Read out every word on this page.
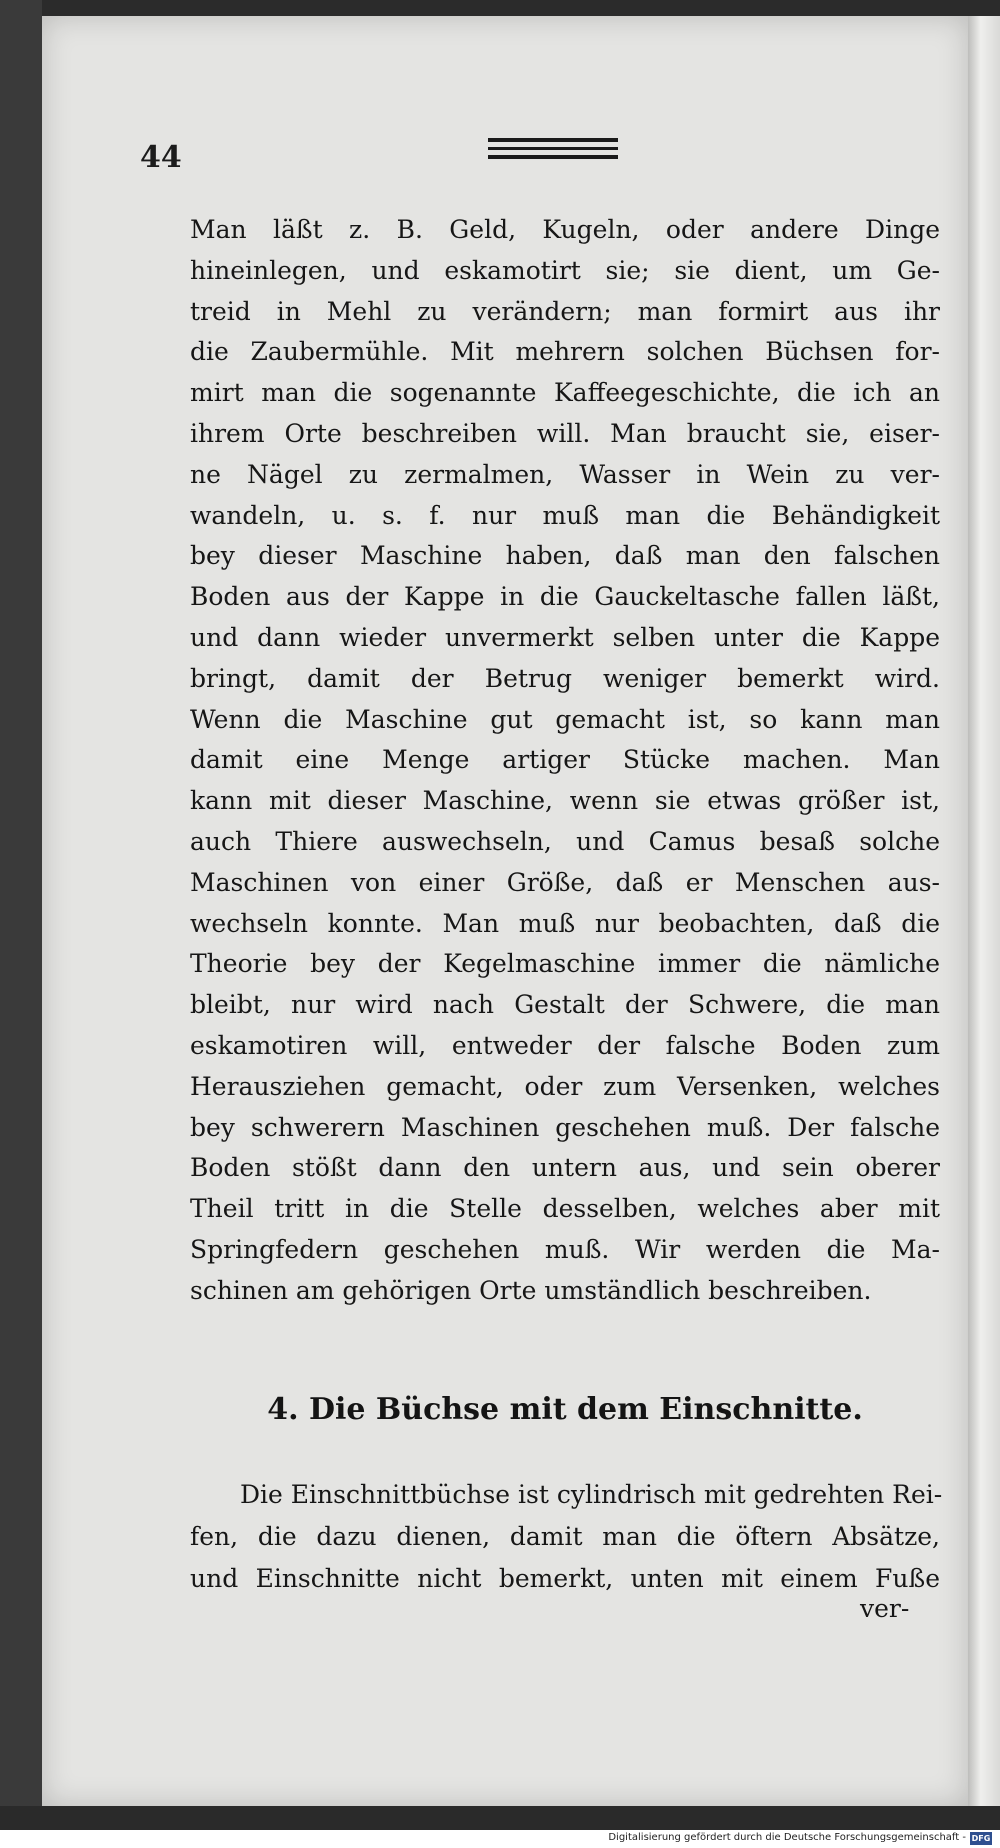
44
Man läßt z. B. Geld, Kugeln, oder andere Dinge
hineinlegen, und eskamotirt sie; sie dient, um Ge-
treid in Mehl zu verändern; man formirt aus ihr
die Zaubermühle. Mit mehrern solchen Büchsen for-
mirt man die sogenannte Kaffeegeschichte, die ich an
ihrem Orte beschreiben will. Man braucht sie, eiser-
ne Nägel zu zermalmen, Wasser in Wein zu ver-
wandeln, u. s. f. nur muß man die Behändigkeit
bey dieser Maschine haben, daß man den falschen
Boden aus der Kappe in die Gauckeltasche fallen läßt,
und dann wieder unvermerkt selben unter die Kappe
bringt, damit der Betrug weniger bemerkt wird.
Wenn die Maschine gut gemacht ist, so kann man
damit eine Menge artiger Stücke machen. Man
kann mit dieser Maschine, wenn sie etwas größer ist,
auch Thiere auswechseln, und Camus besaß solche
Maschinen von einer Größe, daß er Menschen aus-
wechseln konnte. Man muß nur beobachten, daß die
Theorie bey der Kegelmaschine immer die nämliche
bleibt, nur wird nach Gestalt der Schwere, die man
eskamotiren will, entweder der falsche Boden zum
Herausziehen gemacht, oder zum Versenken, welches
bey schwerern Maschinen geschehen muß. Der falsche
Boden stößt dann den untern aus, und sein oberer
Theil tritt in die Stelle desselben, welches aber mit
Springfedern geschehen muß. Wir werden die Ma-
schinen am gehörigen Orte umständlich beschreiben.
4. Die Büchse mit dem Einschnitte.
Die Einschnittbüchse ist cylindrisch mit gedrehten Rei-
fen, die dazu dienen, damit man die öftern Absätze,
und Einschnitte nicht bemerkt, unten mit einem Fuße
ver-
Digitalisierung gefördert durch die Deutsche Forschungsgemeinschaft - DFG
